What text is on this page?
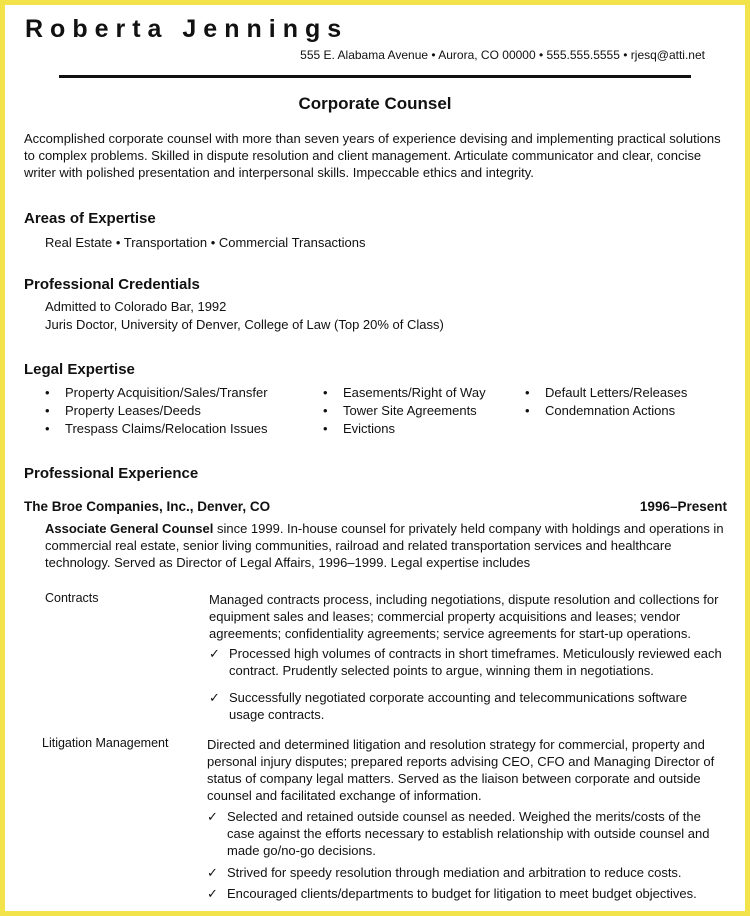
Roberta Jennings
555 E. Alabama Avenue • Aurora, CO 00000 • 555.555.5555 • rjesq@atti.net
Corporate Counsel
Accomplished corporate counsel with more than seven years of experience devising and implementing practical solutions to complex problems. Skilled in dispute resolution and client management. Articulate communicator and clear, concise writer with polished presentation and interpersonal skills. Impeccable ethics and integrity.
Areas of Expertise
Real Estate • Transportation • Commercial Transactions
Professional Credentials
Admitted to Colorado Bar, 1992
Juris Doctor, University of Denver, College of Law (Top 20% of Class)
Legal Expertise
• Property Acquisition/Sales/Transfer
• Property Leases/Deeds
• Trespass Claims/Relocation Issues
• Easements/Right of Way
• Tower Site Agreements
• Evictions
• Default Letters/Releases
• Condemnation Actions
Professional Experience
The Broe Companies, Inc., Denver, CO	1996–Present
Associate General Counsel since 1999. In-house counsel for privately held company with holdings and operations in commercial real estate, senior living communities, railroad and related transportation services and healthcare technology. Served as Director of Legal Affairs, 1996–1999. Legal expertise includes
Contracts	Managed contracts process, including negotiations, dispute resolution and collections for equipment sales and leases; commercial property acquisitions and leases; vendor agreements; confidentiality agreements; service agreements for start-up operations.
✓ Processed high volumes of contracts in short timeframes. Meticulously reviewed each contract. Prudently selected points to argue, winning them in negotiations.
✓ Successfully negotiated corporate accounting and telecommunications software usage contracts.
Litigation Management	Directed and determined litigation and resolution strategy for commercial, property and personal injury disputes; prepared reports advising CEO, CFO and Managing Director of status of company legal matters. Served as the liaison between corporate and outside counsel and facilitated exchange of information.
✓ Selected and retained outside counsel as needed. Weighed the merits/costs of the case against the efforts necessary to establish relationship with outside counsel and made go/no-go decisions.
✓ Strived for speedy resolution through mediation and arbitration to reduce costs.
✓ Encouraged clients/departments to budget for litigation to meet budget objectives.
